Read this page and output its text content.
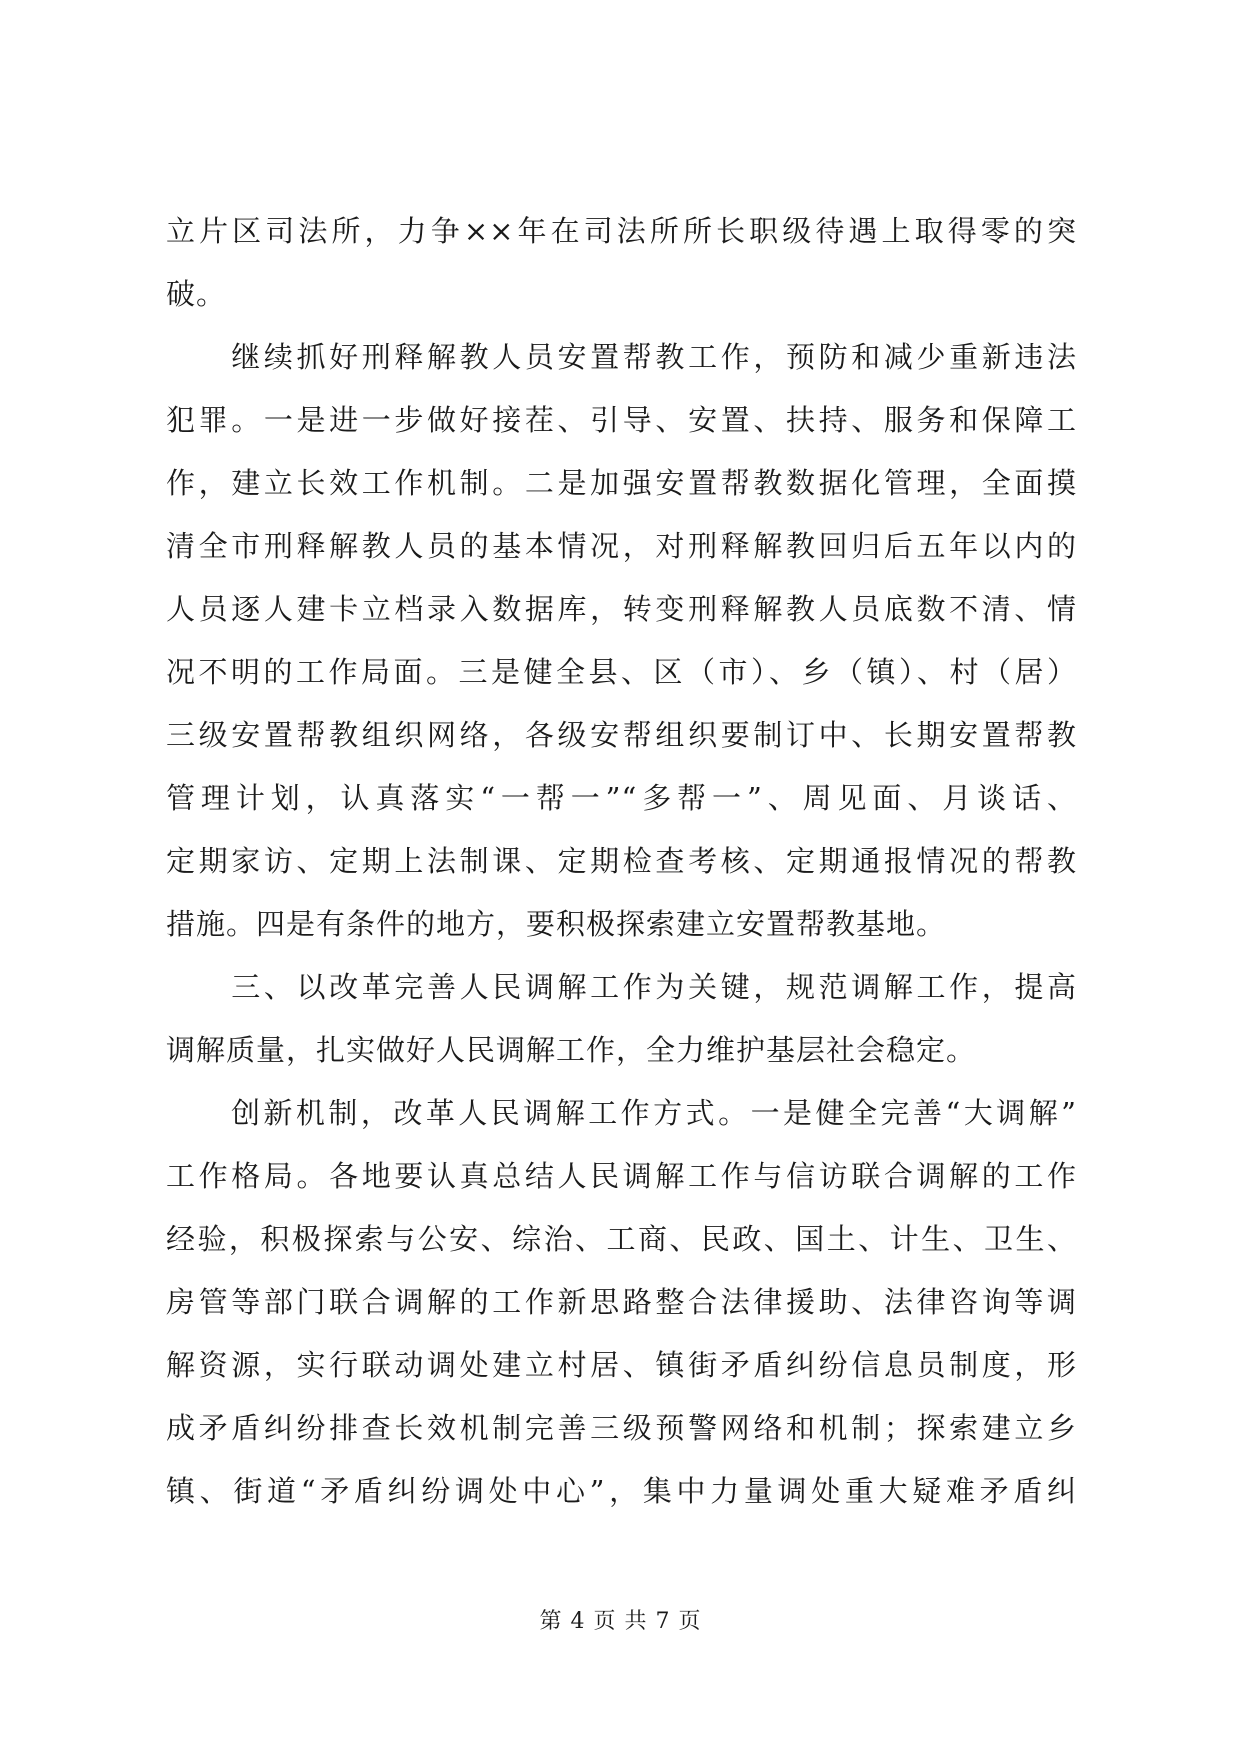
立片区司法所，力争××年在司法所所长职级待遇上取得零的突
破。
　　继续抓好刑释解教人员安置帮教工作，预防和减少重新违法
犯罪。一是进一步做好接茬、引导、安置、扶持、服务和保障工
作，建立长效工作机制。二是加强安置帮教数据化管理，全面摸
清全市刑释解教人员的基本情况，对刑释解教回归后五年以内的
人员逐人建卡立档录入数据库，转变刑释解教人员底数不清、情
况不明的工作局面。三是健全县、区（市）、乡（镇）、村（居）
三级安置帮教组织网络，各级安帮组织要制订中、长期安置帮教
管理计划，认真落实“一帮一”“多帮一”、周见面、月谈话、
定期家访、定期上法制课、定期检查考核、定期通报情况的帮教
措施。四是有条件的地方，要积极探索建立安置帮教基地。
　　三、以改革完善人民调解工作为关键，规范调解工作，提高
调解质量，扎实做好人民调解工作，全力维护基层社会稳定。
　　创新机制，改革人民调解工作方式。一是健全完善“大调解”
工作格局。各地要认真总结人民调解工作与信访联合调解的工作
经验，积极探索与公安、综治、工商、民政、国土、计生、卫生、
房管等部门联合调解的工作新思路整合法律援助、法律咨询等调
解资源，实行联动调处建立村居、镇街矛盾纠纷信息员制度，形
成矛盾纠纷排查长效机制完善三级预警网络和机制；探索建立乡
镇、街道“矛盾纠纷调处中心”，集中力量调处重大疑难矛盾纠
第 4 页 共 7 页
